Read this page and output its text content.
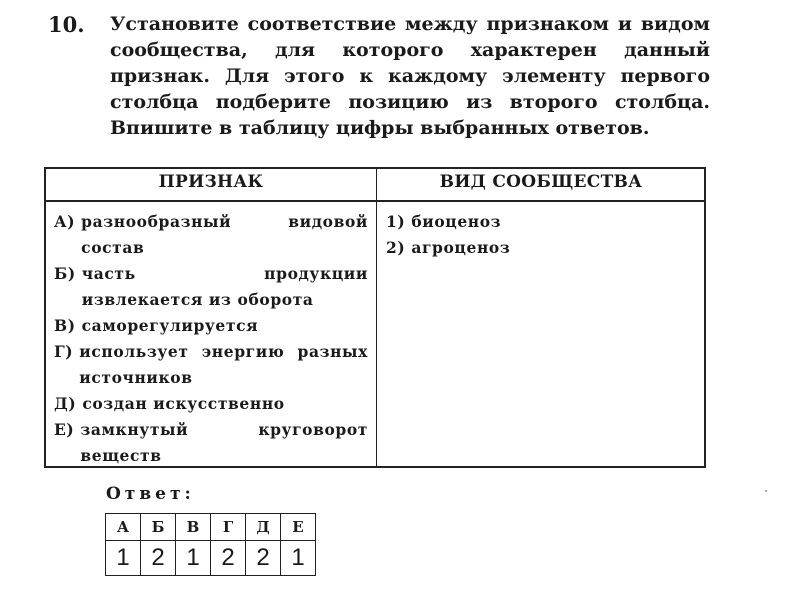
10. Установите соответствие между признаком и видом сообщества, для которого характерен данный признак. Для этого к каждому элементу первого столбца подберите позицию из второго столбца. Впишите в таблицу цифры выбранных ответов.
ПРИЗНАК	ВИД СООБЩЕСТВА
А) разнообразный видовой состав
Б) часть продукции извлекается из оборота
В) саморегулируется
Г) использует энергию разных источников
Д) создан искусственно
Е) замкнутый круговорот веществ
1) биоценоз
2) агроценоз
Ответ:
А	Б	В	Г	Д	Е
1	2	1	2	2	1
